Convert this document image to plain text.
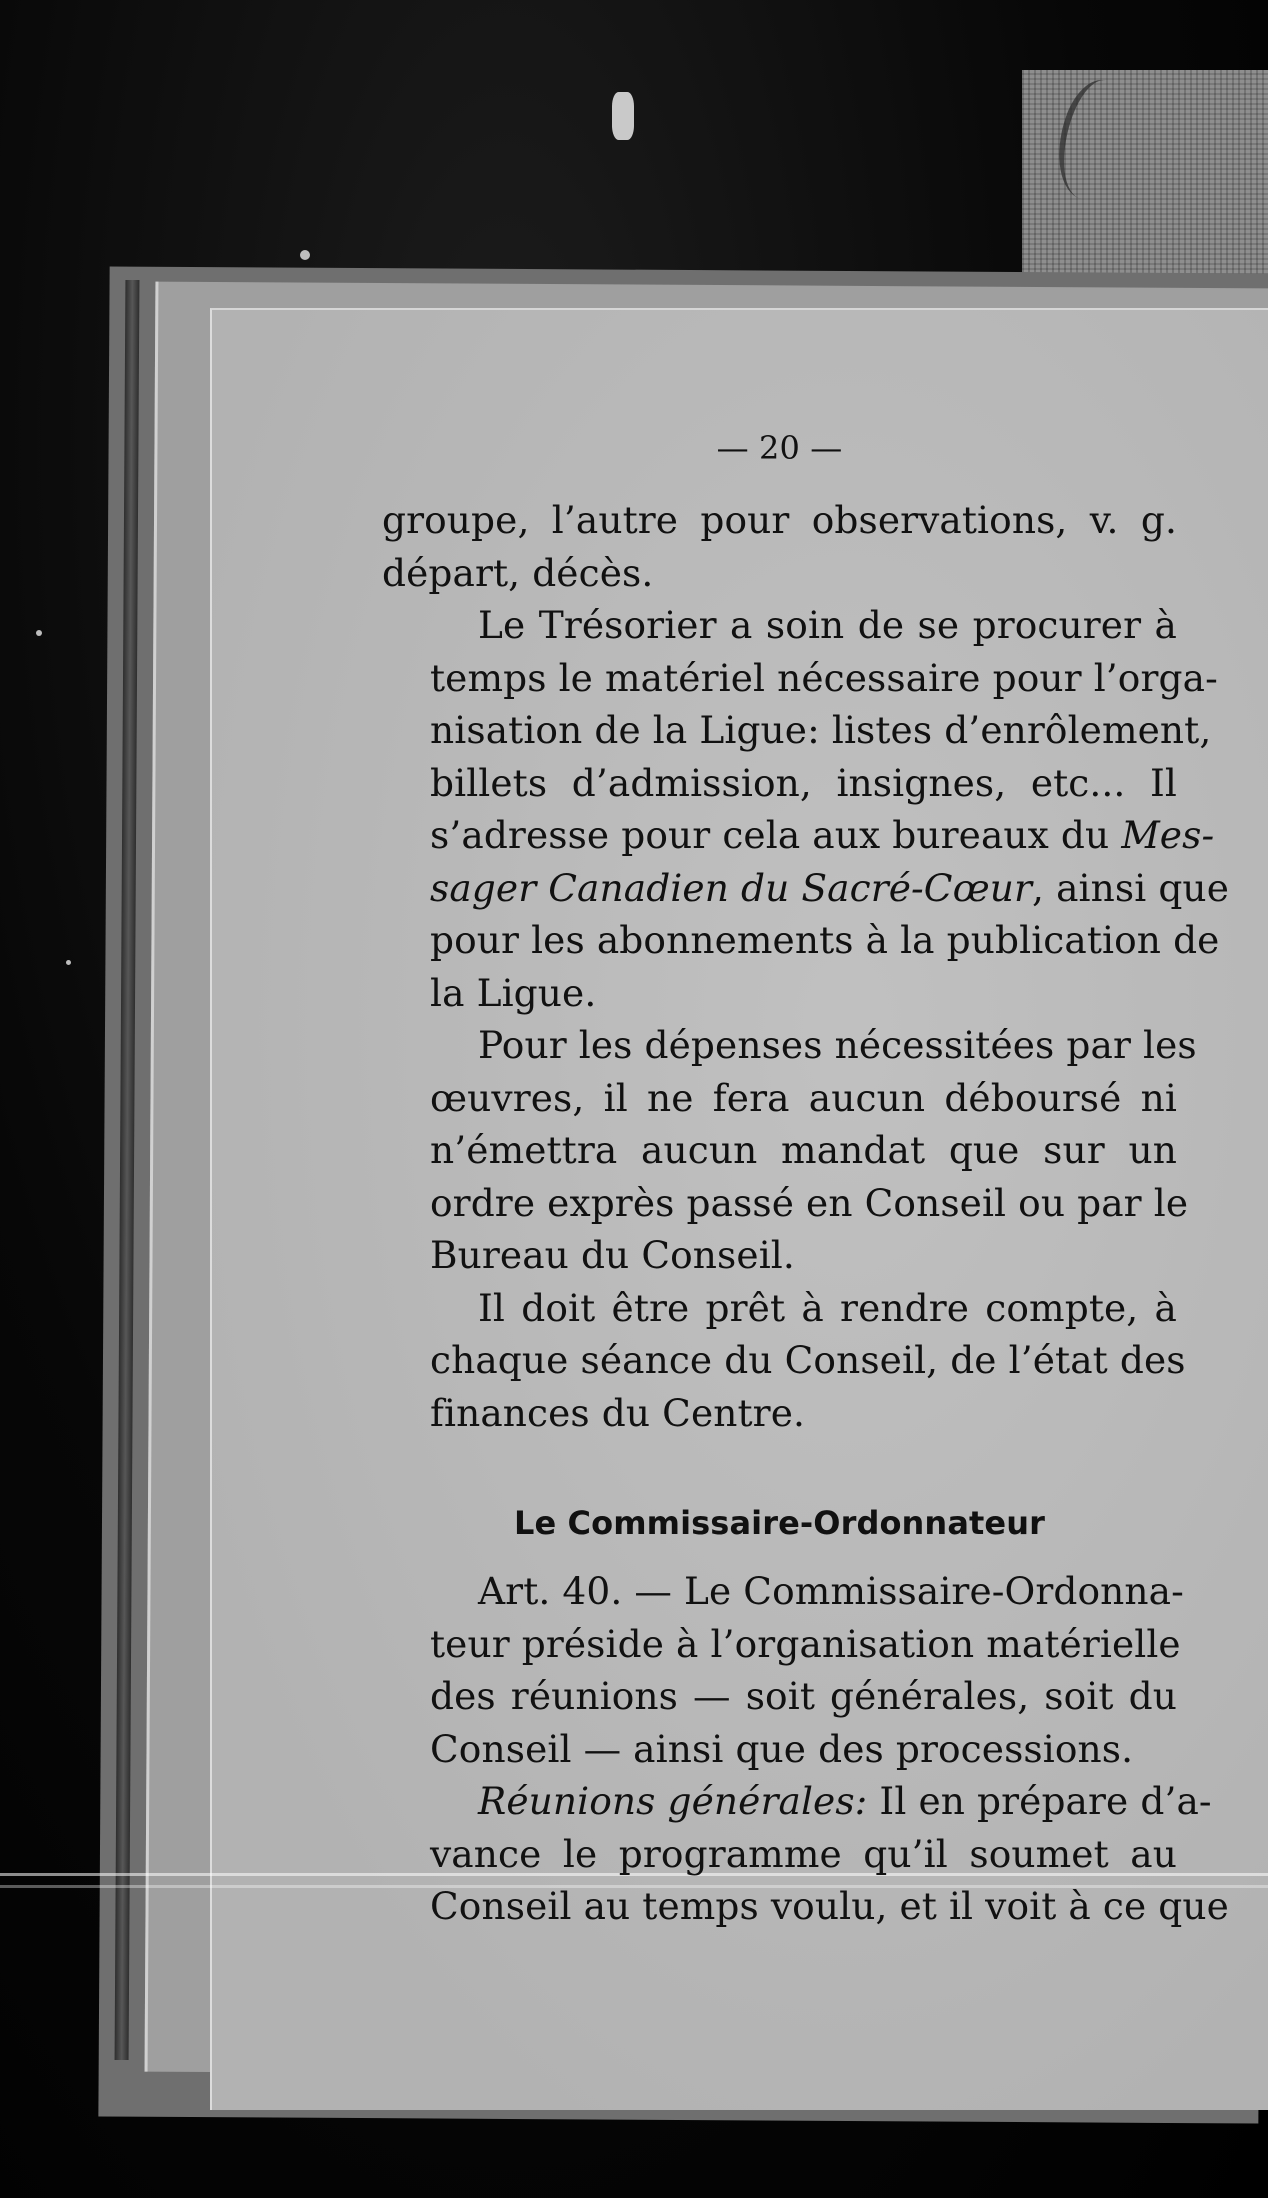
— 20 —

groupe, l’autre pour observations, v. g.
départ, décès.

Le Trésorier a soin de se procurer à
temps le matériel nécessaire pour l’orga-
nisation de la Ligue: listes d’enrôlement,
billets d’admission, insignes, etc... Il
s’adresse pour cela aux bureaux du Mes-
sager Canadien du Sacré-Cœur, ainsi que
pour les abonnements à la publication de
la Ligue.

Pour les dépenses nécessitées par les
œuvres, il ne fera aucun déboursé ni
n’émettra aucun mandat que sur un
ordre exprès passé en Conseil ou par le
Bureau du Conseil.

Il doit être prêt à rendre compte, à
chaque séance du Conseil, de l’état des
finances du Centre.

Le Commissaire-Ordonnateur

Art. 40. — Le Commissaire-Ordonna-
teur préside à l’organisation matérielle
des réunions — soit générales, soit du
Conseil — ainsi que des processions.

Réunions générales: Il en prépare d’a-
vance le programme qu’il soumet au
Conseil au temps voulu, et il voit à ce que
